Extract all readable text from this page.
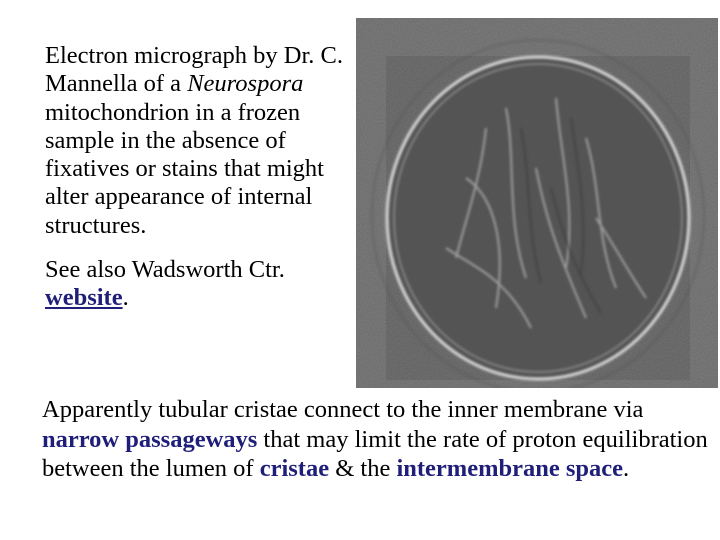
Electron micrograph by Dr. C. Mannella of a Neurospora mitochondrion in a frozen sample in the absence of fixatives or stains that might alter appearance of internal structures.

See also Wadsworth Ctr. website.

Apparently tubular cristae connect to the inner membrane via narrow passageways that may limit the rate of proton equilibration between the lumen of cristae & the intermembrane space.
